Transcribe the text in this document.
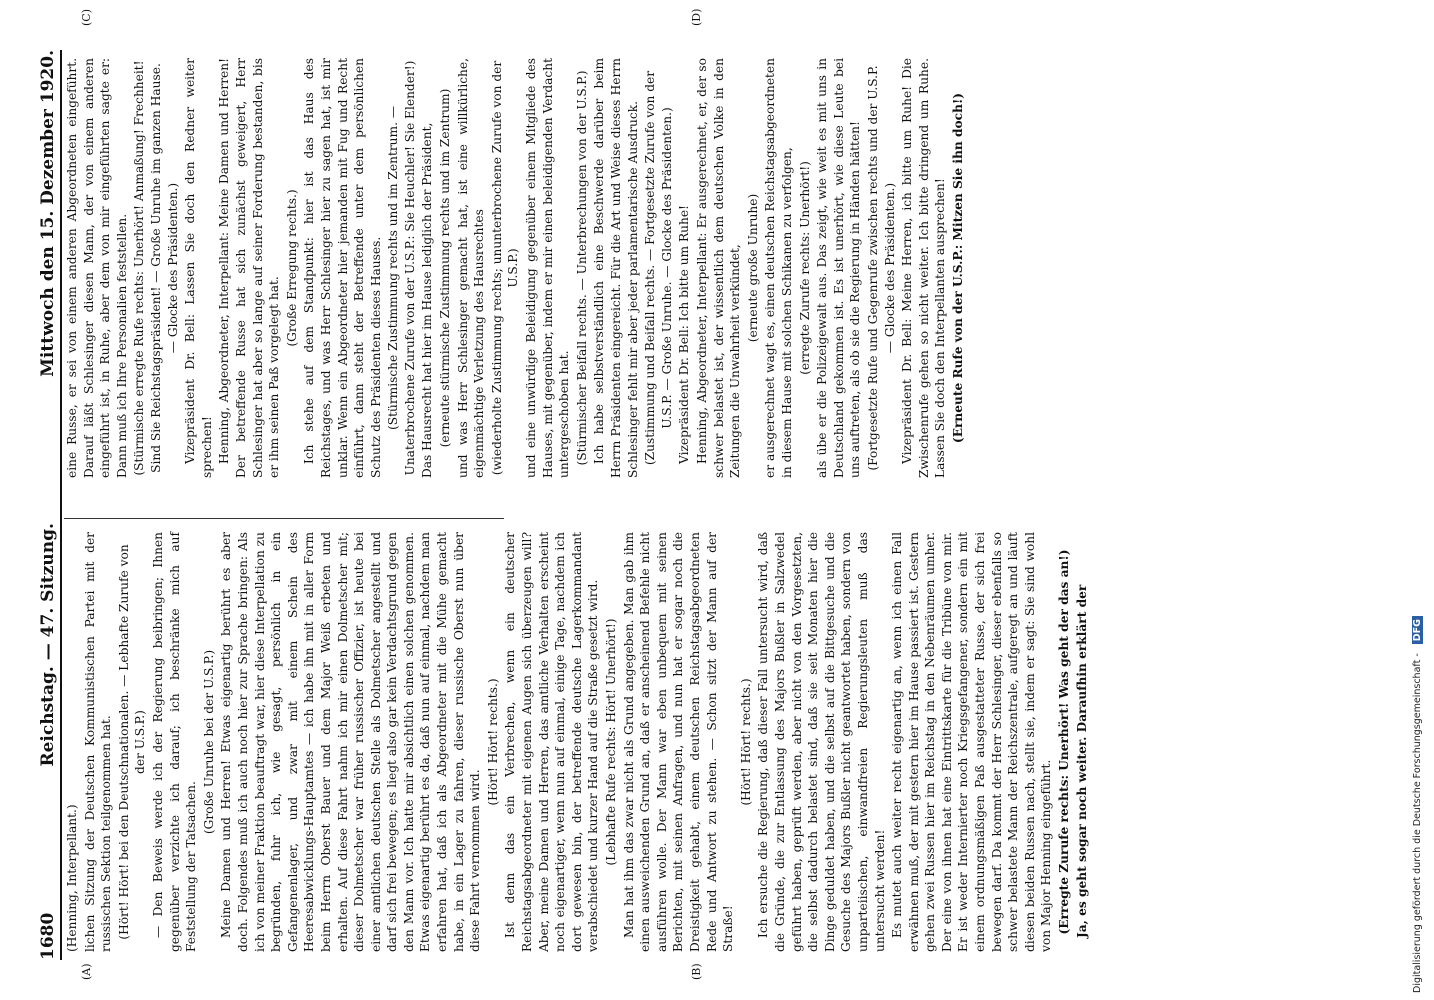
1680
Reichstag. — 47. Sitzung.
Mittwoch den 15. Dezember 1920.
(A)	(B)
(C)	(D)

(Henning, Interpellant.) lichen Sitzung der Deutschen Kommunistischen Partei mit der russischen Sektion teilgenommen hat. (Hört! Hört! bei den Deutschnationalen. — Lebhafte Zurufe von der U.S.P.) — Den Beweis werde ich der Regierung beibringen; Ihnen gegenüber verzichte ich darauf; ich beschränke mich auf Feststellung der Tatsachen.

(Große Unruhe bei der U.S.P.) Meine Damen und Herren! Etwas eigenartig berührt es aber doch. Folgendes muß ich auch noch hier zur Sprache bringen: Als ich von meiner Fraktion beauftragt war, hier diese Interpellation zu begründen, fuhr ich, wie gesagt, persönlich in ein Gefangenenlager, und zwar mit einem Schein des Heeresabwicklungs-Hauptamtes — ich habe ihn mit in aller Form beim Herrn Oberst Bauer und dem Major Weiß erbeten und erhalten. Auf diese Fahrt nahm ich mir einen Dolmetscher mit; dieser Dolmetscher war früher russischer Offizier, ist heute bei einer amtlichen deutschen Stelle als Dolmetscher angestellt und darf sich frei bewegen; es liegt also gar kein Verdachtsgrund gegen den Mann vor. Ich hatte mir absichtlich einen solchen genommen. Etwas eigenartig berührt es da, daß nun auf einmal, nachdem man erfahren hat, daß ich als Abgeordneter mit die Mühe gemacht habe, in ein Lager zu fahren, dieser russische Oberst nun über diese Fahrt vernommen wird.

(Hört! Hört! rechts.) Ist denn das ein Verbrechen, wenn ein deutscher Reichstagsabgeordneter mit eigenen Augen sich überzeugen will? Aber, meine Damen und Herren, das amtliche Verhalten erscheint noch eigenartiger, wenn nun auf einmal, einige Tage, nachdem ich dort gewesen bin, der betreffende deutsche Lagerkommandant verabschiedet und kurzer Hand auf die Straße gesetzt wird. (Lebhafte Rufe rechts: Hört! Unerhört!) Man hat ihm das zwar nicht als Grund angegeben. Man gab ihm einen ausweichenden Grund an, daß er anscheinend Befehle nicht ausführen wolle. Der Mann war eben unbequem mit seinen Berichten, mit seinen Anfragen, und nun hat er sogar noch die Dreistigkeit gehabt, einem deutschen Reichstagsabgeordneten Rede und Antwort zu stehen. — Schon sitzt der Mann auf der Straße!

(Hört! Hört! rechts.) Ich ersuche die Regierung, daß dieser Fall untersucht wird, daß die Gründe, die zur Entlassung des Majors Bußler in Salzwedel geführt haben, geprüft werden, aber nicht von den Vorgesetzten, die selbst dadurch belastet sind, daß sie seit Monaten hier die Dinge geduldet haben, und die selbst auf die Bittgesuche und die Gesuche des Majors Bußler nicht geantwortet haben, sondern von unparteiischen, einwandfreien Regierungsleuten muß das untersucht werden! Es mutet auch weiter recht eigenartig an, wenn ich einen Fall erwähnen muß, der mit gestern hier im Hause passiert ist. Gestern gehen zwei Russen hier im Reichstag in den Nebenräumen umher. Der eine von ihnen hat eine Eintrittskarte für die Tribüne von mir. Er ist weder Internierter noch Kriegsgefangener, sondern ein mit einem ordnungsmäßigen Paß ausgestatteter Russe, der sich frei bewegen darf. Da kommt der Herr Schlesinger, dieser ebenfalls so schwer belastete Mann der Reichszentrale, aufgeregt an und läuft diesen beiden Russen nach, stellt sie, indem er sagt: Sie sind wohl von Major Henning eingeführt. (Erregte Zurufe rechts: Unerhört! Was geht der das an!) Ja, es geht sogar noch weiter. Daraufhin erklärt der

eine Russe, er sei von einem anderen Abgeordneten eingeführt. Darauf läßt Schlesinger diesen Mann, der von einem anderen eingeführt ist, in Ruhe, aber dem von mir eingeführten sagte er: Dann muß ich Ihre Personalien feststellen. (Stürmische erregte Rufe rechts: Unerhört! Anmaßung! Frechheit! Sind Sie Reichstagspräsident! — Große Unruhe im ganzen Hause. — Glocke des Präsidenten.) Vizepräsident Dr. Bell: Lassen Sie doch den Redner weiter sprechen! Henning, Abgeordneter, Interpellant: Meine Damen und Herren! Der betreffende Russe hat sich zunächst geweigert, Herr Schlesinger hat aber so lange auf seiner Forderung bestanden, bis er ihm seinen Paß vorgelegt hat.

(Große Erregung rechts.) Ich stehe auf dem Standpunkt: hier ist das Haus des Reichstages, und was Herr Schlesinger hier zu sagen hat, ist mir unklar. Wenn ein Abgeordneter hier jemanden mit Fug und Recht einführt, dann steht der Betreffende unter dem persönlichen Schutz des Präsidenten dieses Hauses. (Stürmische Zustimmung rechts und im Zentrum. — Unaterbrochene Zurufe von der U.S.P.: Sie Heuchler! Sie Elender!) Das Hausrecht hat hier im Hause lediglich der Präsident, (erneute stürmische Zustimmung rechts und im Zentrum) und was Herr Schlesinger gemacht hat, ist eine willkürliche, eigenmächtige Verletzung des Hausrechtes (wiederholte Zustimmung rechts; ununterbrochene Zurufe von der U.S.P.) und eine unwürdige Beleidigung gegenüber einem Mitgliede des Hauses, mit gegenüber, indem er mir einen beleidigenden Verdacht untergeschoben hat. (Stürmischer Beifall rechts. — Unterbrechungen von der U.S.P.) Ich habe selbstverständlich eine Beschwerde darüber beim Herrn Präsidenten eingereicht. Für die Art und Weise dieses Herrn Schlesinger fehlt mir aber jeder parlamentarische Ausdruck. (Zustimmung und Beifall rechts. — Fortgesetzte Zurufe von der U.S.P. — Große Unruhe. — Glocke des Präsidenten.) Vizepräsident Dr. Bell: Ich bitte um Ruhe! Henning, Abgeordneter, Interpellant: Er ausgerechnet, er, der so schwer belastet ist, der wissentlich dem deutschen Volke in den Zeitungen die Unwahrheit verkündet, (erneute große Unruhe) er ausgerechnet wagt es, einen deutschen Reichstagsabgeordneten in diesem Hause mit solchen Schikanen zu verfolgen, (erregte Zurufe rechts: Unerhört!) als übe er die Polizeigewalt aus. Das zeigt, wie weit es mit uns in Deutschland gekommen ist. Es ist unerhört, wie diese Leute bei uns auftreten, als ob sie die Regierung in Händen hätten! (Fortgesetzte Rufe und Gegenrufe zwischen rechts und der U.S.P. — Glocke des Präsidenten.) Vizepräsident Dr. Bell: Meine Herren, ich bitte um Ruhe! Die Zwischenrufe gehen so nicht weiter. Ich bitte dringend um Ruhe. Lassen Sie doch den Interpellanten ausprechen! (Erneute Rufe von der U.S.P.: Mitzen Sie ihn doch!)

Digitalisierung gefördert durch die Deutsche Forschungsgemeinschaft - DFG
